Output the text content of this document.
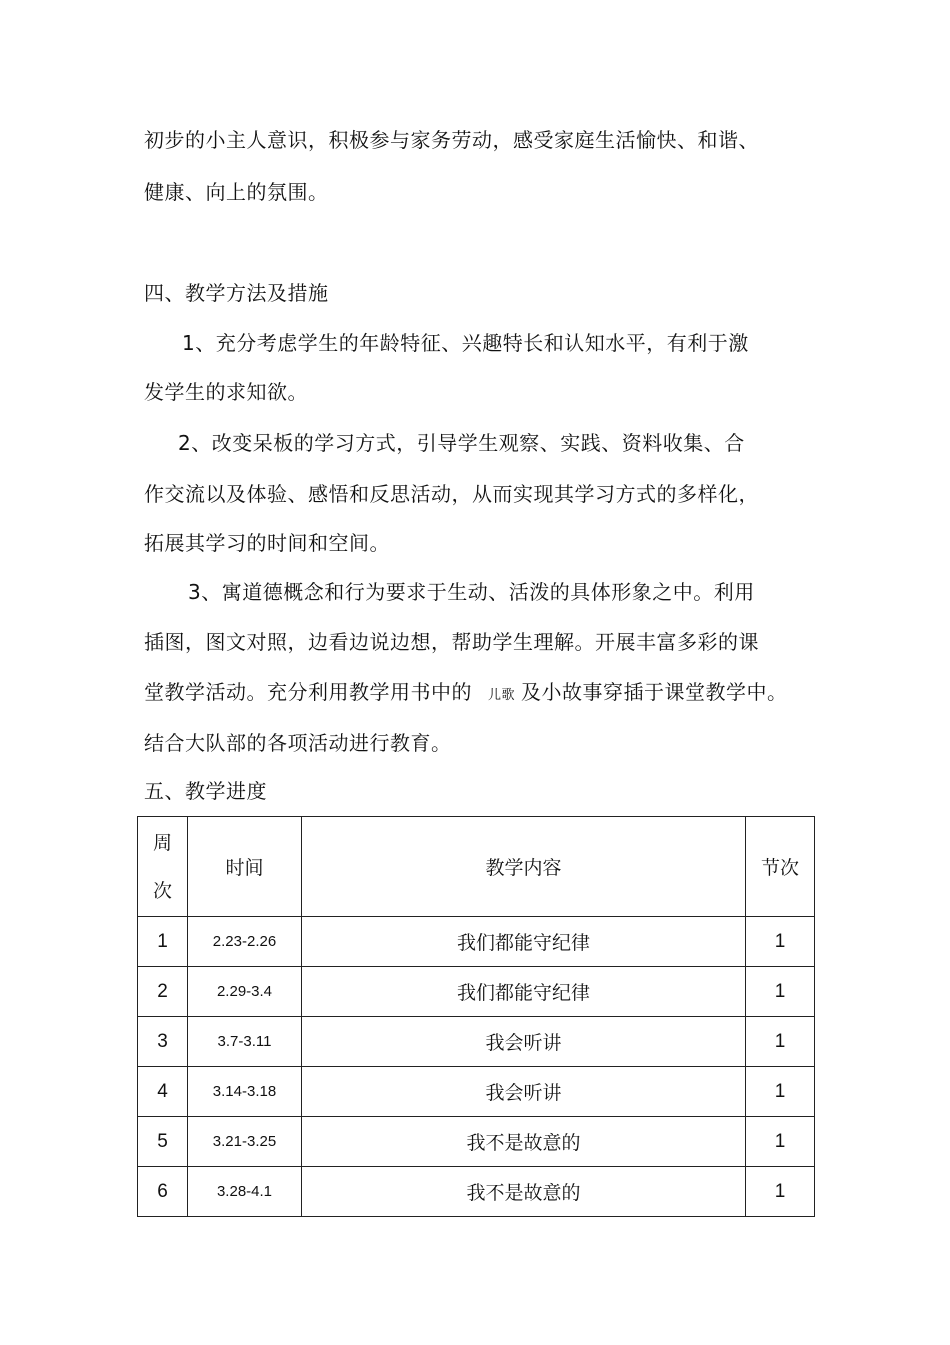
初步的小主人意识，积极参与家务劳动，感受家庭生活愉快、和谐、
健康、向上的氛围。
四、教学方法及措施
1、充分考虑学生的年龄特征、兴趣特长和认知水平，有利于激
发学生的求知欲。
2、改变呆板的学习方式，引导学生观察、实践、资料收集、合
作交流以及体验、感悟和反思活动，从而实现其学习方式的多样化，
拓展其学习的时间和空间。
3、寓道德概念和行为要求于生动、活泼的具体形象之中。利用
插图，图文对照，边看边说边想，帮助学生理解。开展丰富多彩的课
堂教学活动。充分利用教学用书中的 儿歌 及小故事穿插于课堂教学中。
结合大队部的各项活动进行教育。
五、教学进度
周
次	时间	教学内容	节次
1	2.23-2.26	我们都能守纪律	1
2	2.29-3.4	我们都能守纪律	1
3	3.7-3.11	我会听讲	1
4	3.14-3.18	我会听讲	1
5	3.21-3.25	我不是故意的	1
6	3.28-4.1	我不是故意的	1
